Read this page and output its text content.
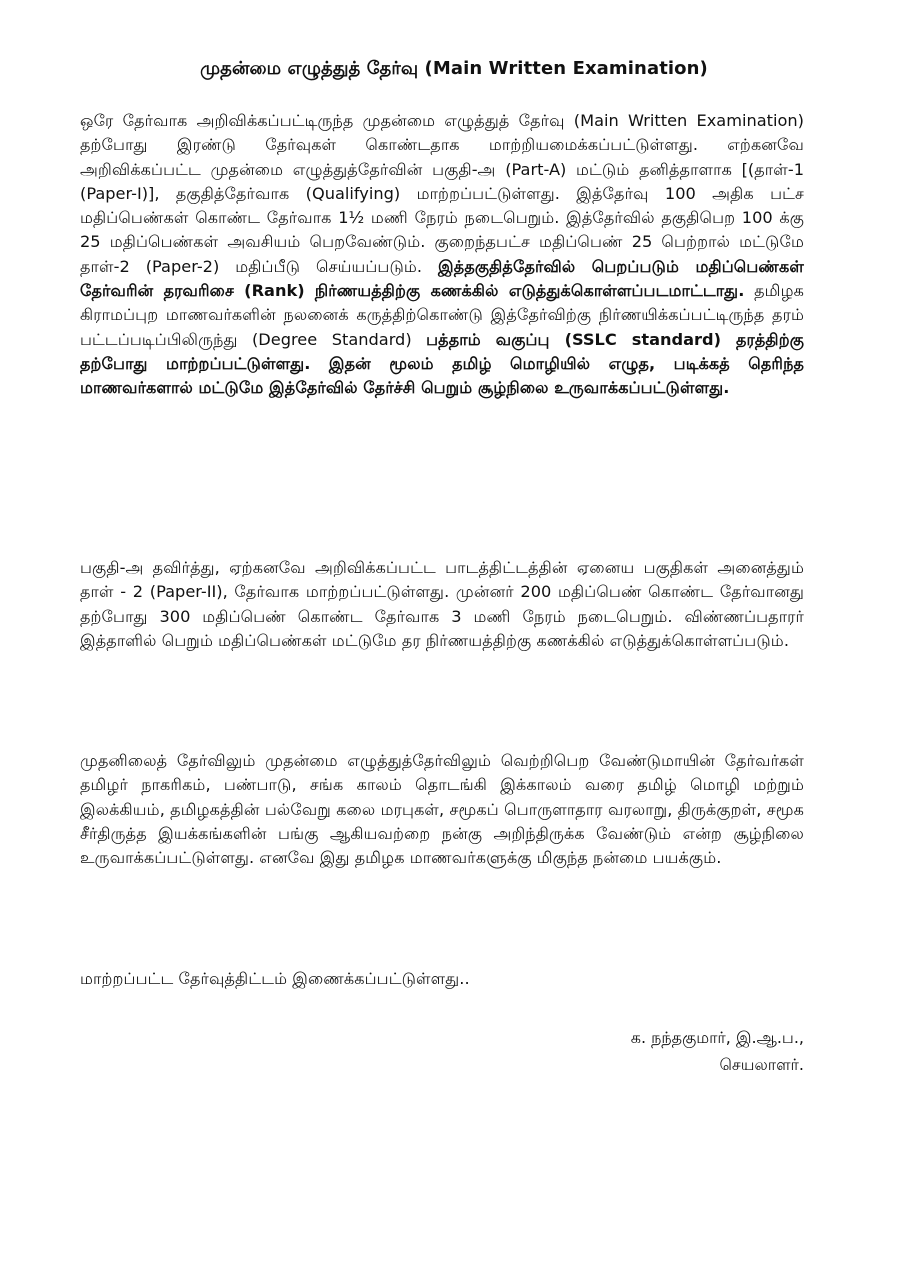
முதன்மை எழுத்துத் தேர்வு (Main Written Examination)

ஒரே தேர்வாக அறிவிக்கப்பட்டிருந்த முதன்மை எழுத்துத் தேர்வு (Main Written Examination) தற்போது இரண்டு தேர்வுகள் கொண்டதாக மாற்றியமைக்கப்பட்டுள்ளது. எற்கனவே அறிவிக்கப்பட்ட முதன்மை எழுத்துத்தேர்வின் பகுதி-அ (Part-A) மட்டும் தனித்தாளாக [(தாள்-1 (Paper-I)], தகுதித்தேர்வாக (Qualifying) மாற்றப்பட்டுள்ளது. இத்தேர்வு 100 அதிக பட்ச மதிப்பெண்கள் கொண்ட தேர்வாக 1½ மணி நேரம் நடைபெறும். இத்தேர்வில் தகுதிபெற 100 க்கு 25 மதிப்பெண்கள் அவசியம் பெறவேண்டும். குறைந்தபட்ச மதிப்பெண் 25 பெற்றால் மட்டுமே தாள்-2 (Paper-2) மதிப்பீடு செய்யப்படும். இத்தகுதித்தேர்வில் பெறப்படும் மதிப்பெண்கள் தேர்வரின் தரவரிசை (Rank) நிர்ணயத்திற்கு கணக்கில் எடுத்துக்கொள்ளப்படமாட்டாது. தமிழக கிராமப்புற மாணவர்களின் நலனைக் கருத்திற்கொண்டு இத்தேர்விற்கு நிர்ணயிக்கப்பட்டிருந்த தரம் பட்டப்படிப்பிலிருந்து (Degree Standard) பத்தாம் வகுப்பு (SSLC standard) தரத்திற்கு தற்போது மாற்றப்பட்டுள்ளது. இதன் மூலம் தமிழ் மொழியில் எழுத, படிக்கத் தெரிந்த மாணவர்களால் மட்டுமே இத்தேர்வில் தேர்ச்சி பெறும் சூழ்நிலை உருவாக்கப்பட்டுள்ளது.

பகுதி-அ தவிர்த்து, ஏற்கனவே அறிவிக்கப்பட்ட பாடத்திட்டத்தின் ஏனைய பகுதிகள் அனைத்தும் தாள் - 2 (Paper-II), தேர்வாக மாற்றப்பட்டுள்ளது. முன்னர் 200 மதிப்பெண் கொண்ட தேர்வானது தற்போது 300 மதிப்பெண் கொண்ட தேர்வாக 3 மணி நேரம் நடைபெறும். விண்ணப்பதாரர் இத்தாளில் பெறும் மதிப்பெண்கள் மட்டுமே தர நிர்ணயத்திற்கு கணக்கில் எடுத்துக்கொள்ளப்படும்.

முதனிலைத் தேர்விலும் முதன்மை எழுத்துத்தேர்விலும் வெற்றிபெற வேண்டுமாயின் தேர்வர்கள் தமிழர் நாகரிகம், பண்பாடு, சங்க காலம் தொடங்கி இக்காலம் வரை தமிழ் மொழி மற்றும் இலக்கியம், தமிழகத்தின் பல்வேறு கலை மரபுகள், சமூகப் பொருளாதார வரலாறு, திருக்குறள், சமூக சீர்திருத்த இயக்கங்களின் பங்கு ஆகியவற்றை நன்கு அறிந்திருக்க வேண்டும் என்ற சூழ்நிலை உருவாக்கப்பட்டுள்ளது. எனவே இது தமிழக மாணவர்களுக்கு மிகுந்த நன்மை பயக்கும்.

மாற்றப்பட்ட தேர்வுத்திட்டம் இணைக்கப்பட்டுள்ளது..

க. நந்தகுமார், இ.ஆ.ப.,
செயலாளர்.
